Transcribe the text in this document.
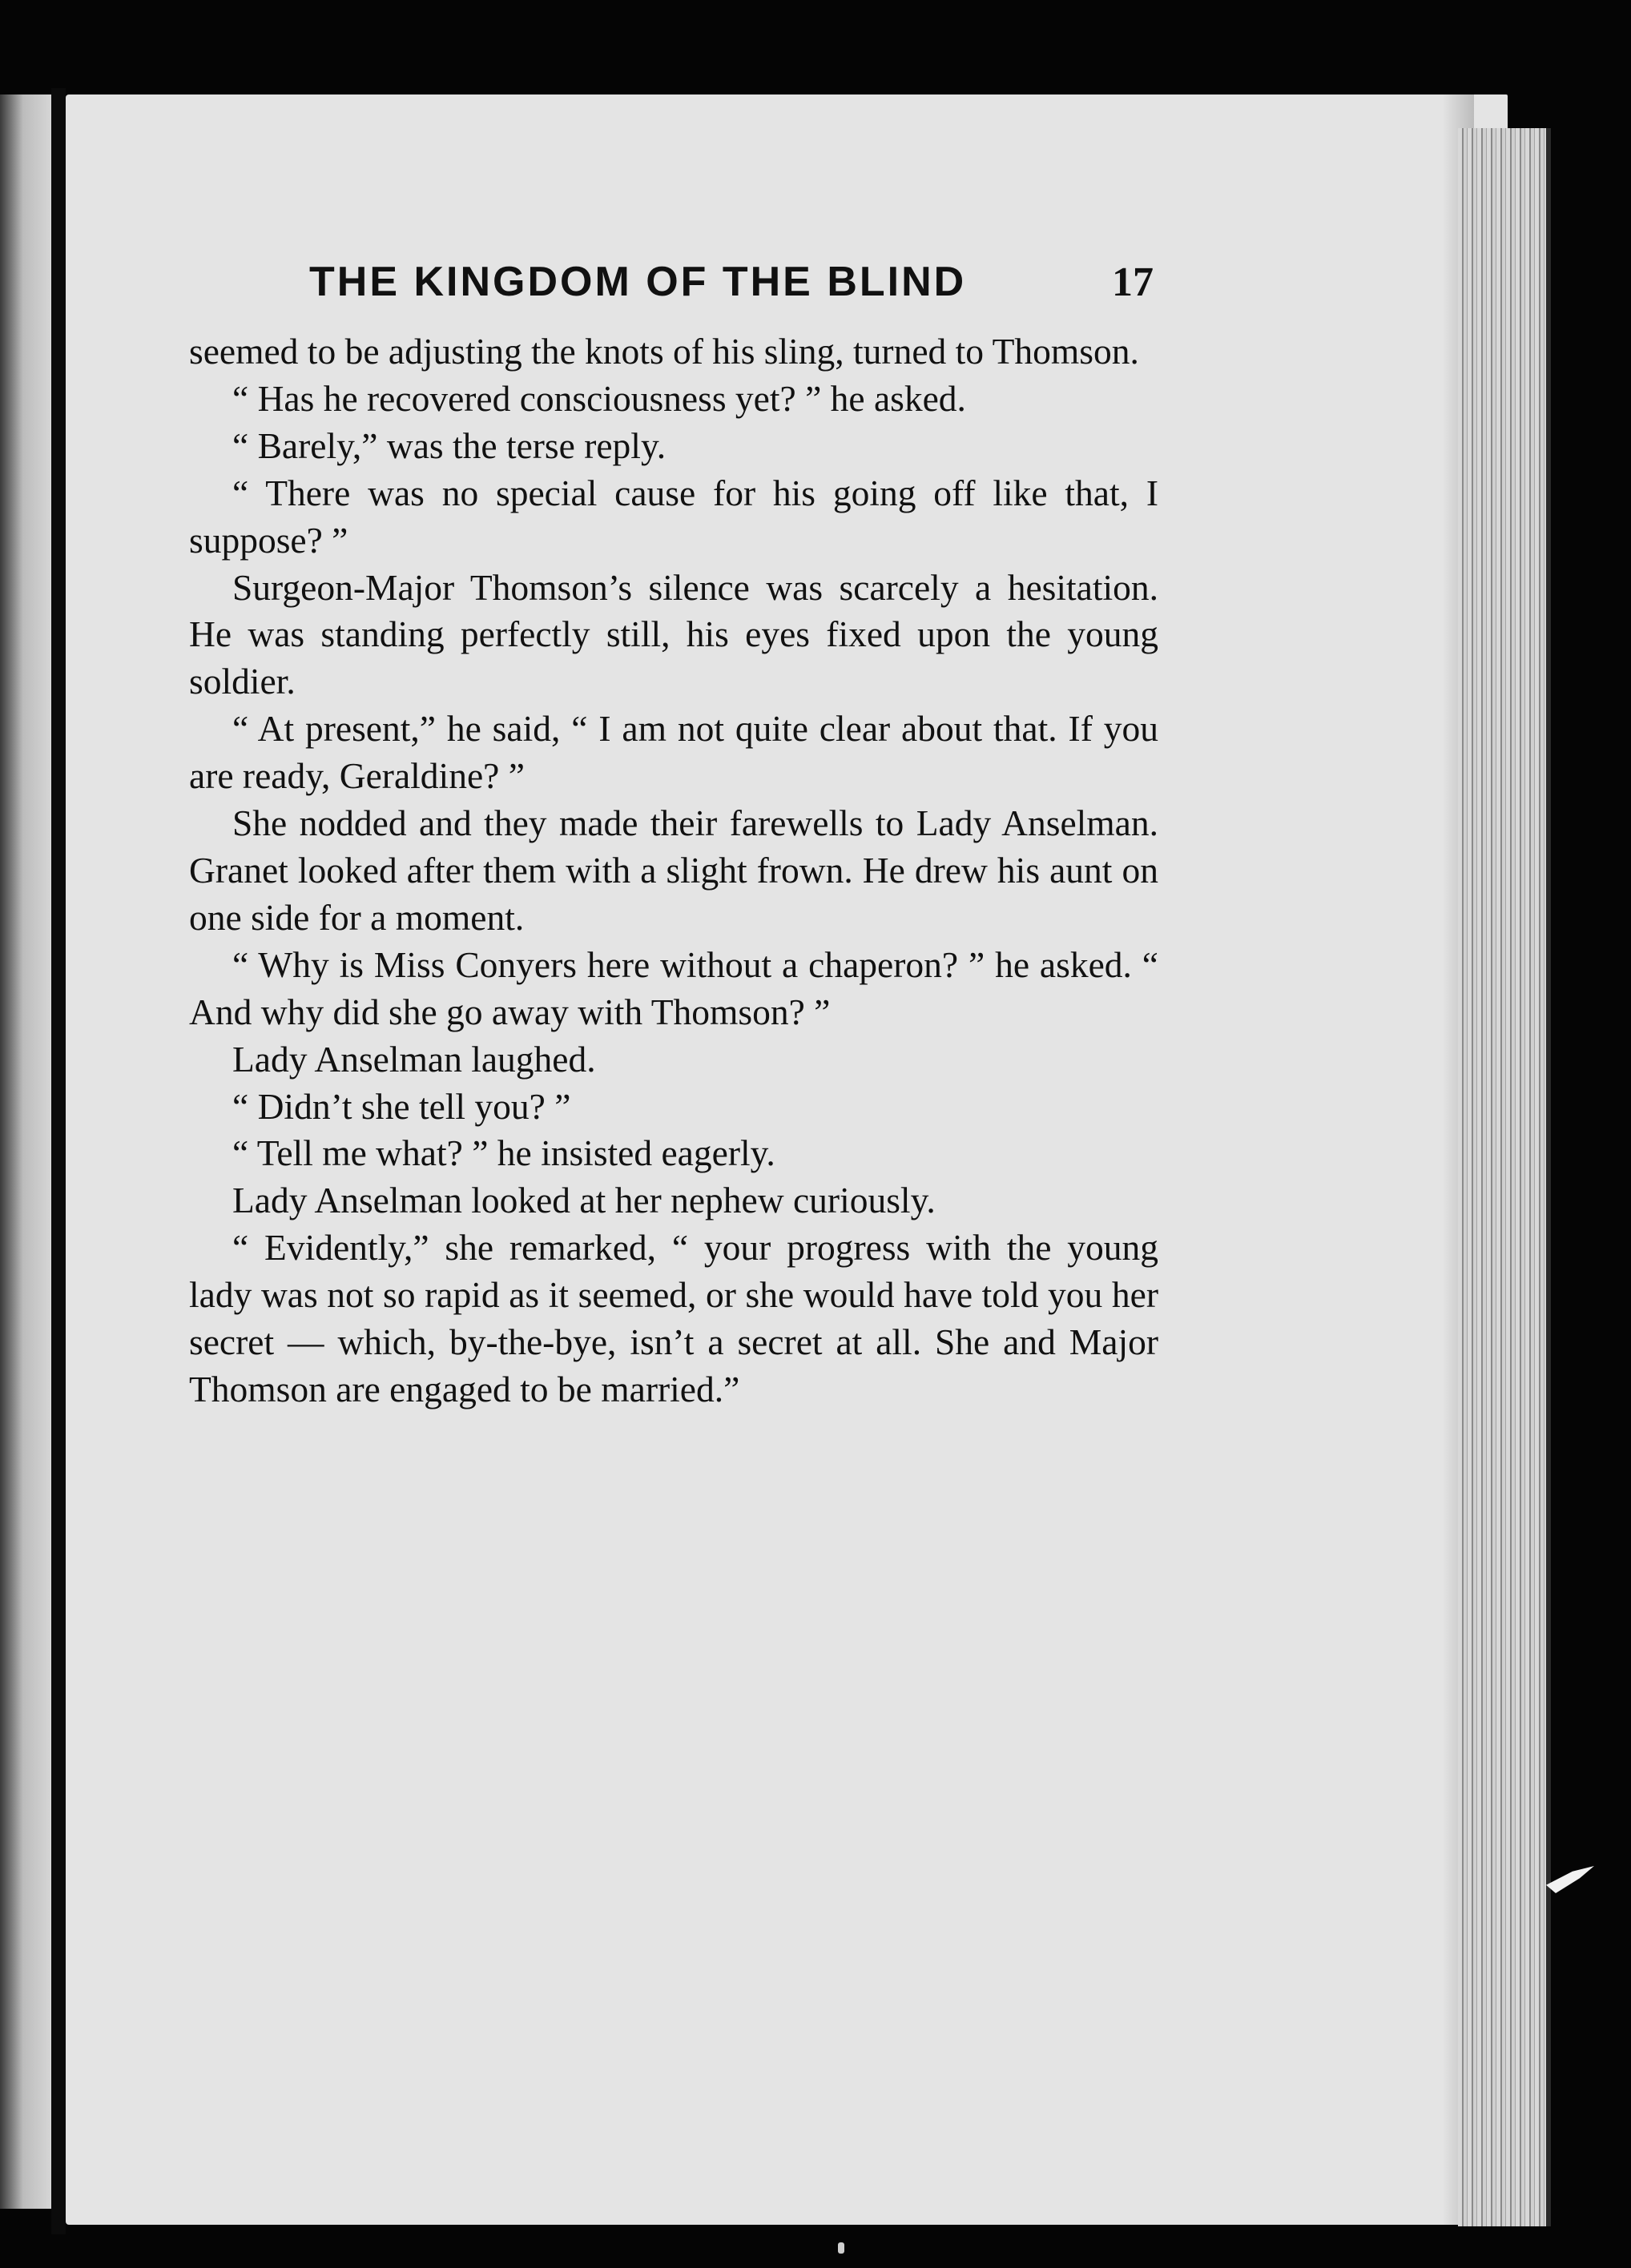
THE KINGDOM OF THE BLIND	17

seemed to be adjusting the knots of his sling, turned to Thomson.

“ Has he recovered consciousness yet? ” he asked.

“ Barely,” was the terse reply.

“ There was no special cause for his going off like that, I suppose? ”

Surgeon-Major Thomson’s silence was scarcely a hesitation. He was standing perfectly still, his eyes fixed upon the young soldier.

“ At present,” he said, “ I am not quite clear about that. If you are ready, Geraldine? ”

She nodded and they made their farewells to Lady Anselman. Granet looked after them with a slight frown. He drew his aunt on one side for a moment.

“ Why is Miss Conyers here without a chaperon? ” he asked. “ And why did she go away with Thomson? ”

Lady Anselman laughed.

“ Didn’t she tell you? ”

“ Tell me what? ” he insisted eagerly.

Lady Anselman looked at her nephew curiously.

“ Evidently,” she remarked, “ your progress with the young lady was not so rapid as it seemed, or she would have told you her secret — which, by-the-bye, isn’t a secret at all. She and Major Thomson are engaged to be married.”
